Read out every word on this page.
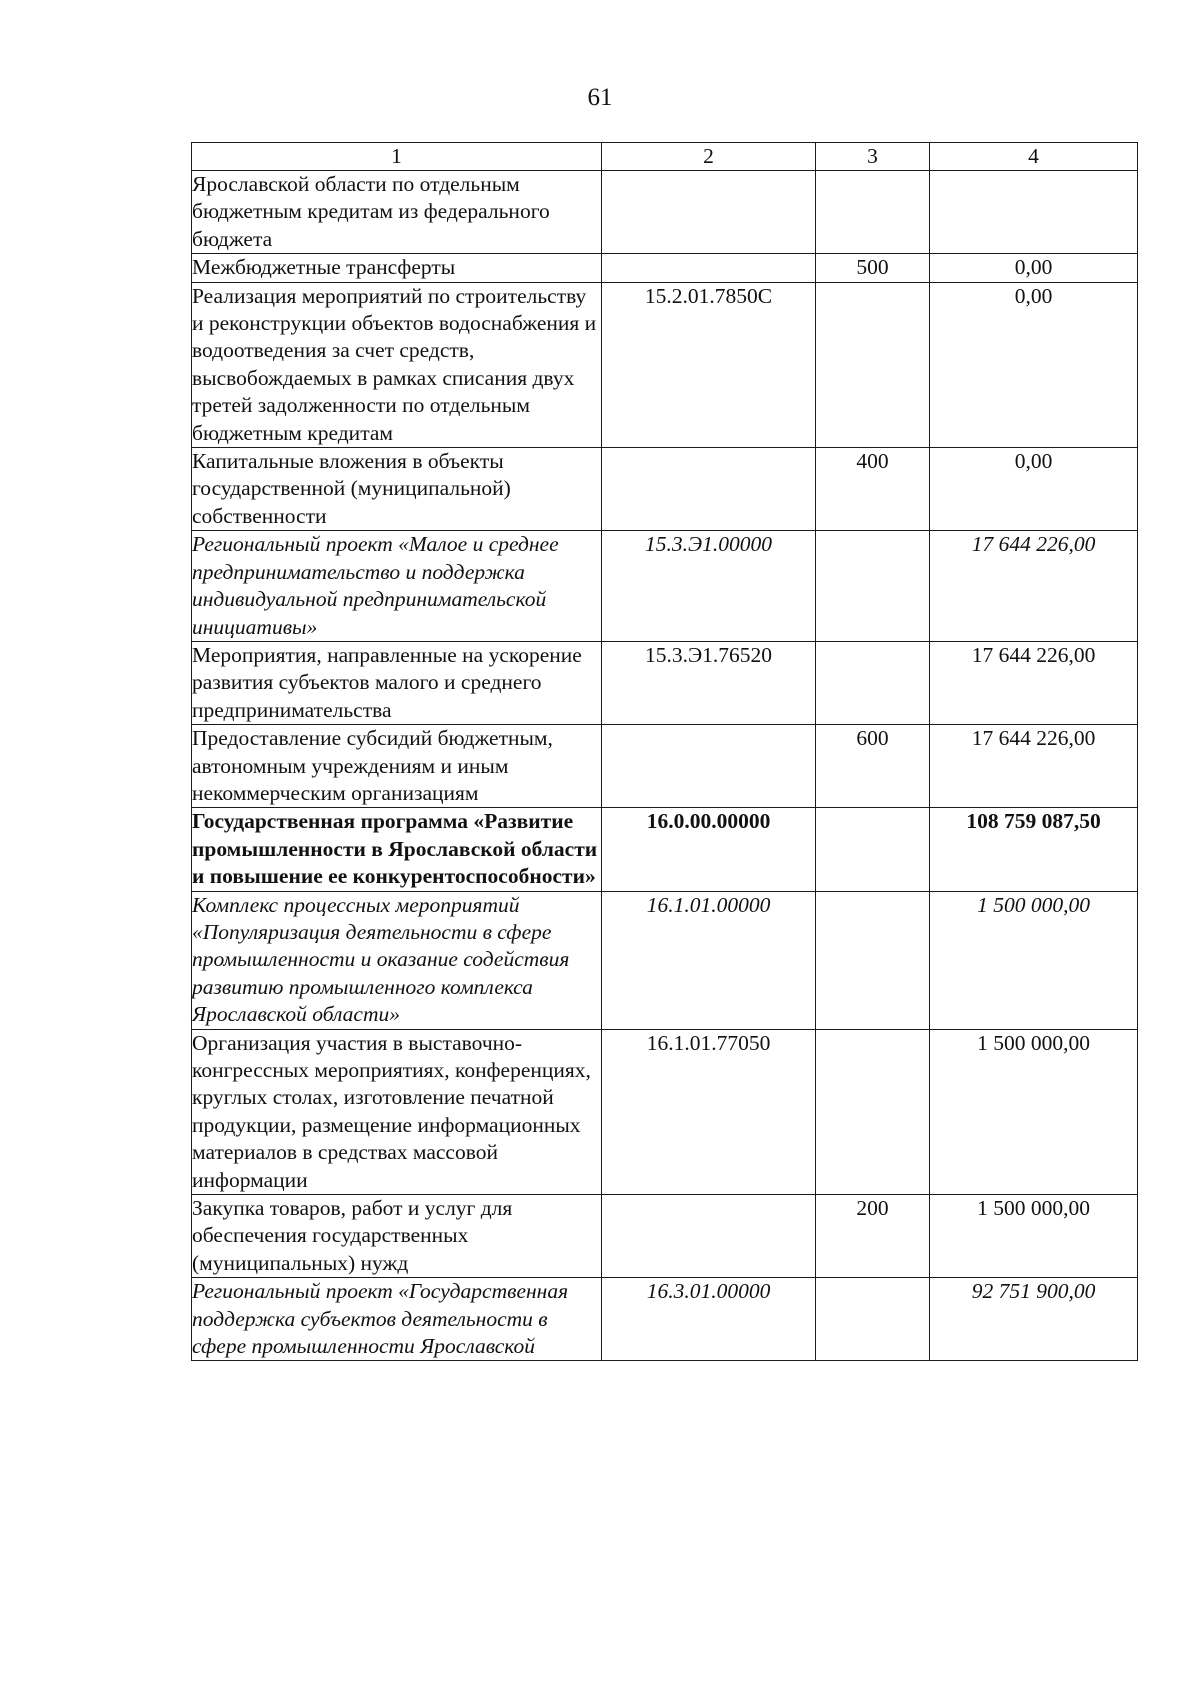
61
1	2	3	4
Ярославской области по отдельным бюджетным кредитам из федерального бюджета			
Межбюджетные трансферты		500	0,00
Реализация мероприятий по строительству и реконструкции объектов водоснабжения и водоотведения за счет средств, высвобождаемых в рамках списания двух третей задолженности по отдельным бюджетным кредитам	15.2.01.7850С		0,00
Капитальные вложения в объекты государственной (муниципальной) собственности		400	0,00
Региональный проект «Малое и среднее предпринимательство и поддержка индивидуальной предпринимательской инициативы»	15.3.Э1.00000		17 644 226,00
Мероприятия, направленные на ускорение развития субъектов малого и среднего предпринимательства	15.3.Э1.76520		17 644 226,00
Предоставление субсидий бюджетным, автономным учреждениям и иным некоммерческим организациям		600	17 644 226,00
Государственная программа «Развитие промышленности в Ярославской области и повышение ее конкурентоспособности»	16.0.00.00000		108 759 087,50
Комплекс процессных мероприятий «Популяризация деятельности в сфере промышленности и оказание содействия развитию промышленного комплекса Ярославской области»	16.1.01.00000		1 500 000,00
Организация участия в выставочно-конгрессных мероприятиях, конференциях, круглых столах, изготовление печатной продукции, размещение информационных материалов в средствах массовой информации	16.1.01.77050		1 500 000,00
Закупка товаров, работ и услуг для обеспечения государственных (муниципальных) нужд		200	1 500 000,00
Региональный проект «Государственная поддержка субъектов деятельности в сфере промышленности Ярославской	16.3.01.00000		92 751 900,00
